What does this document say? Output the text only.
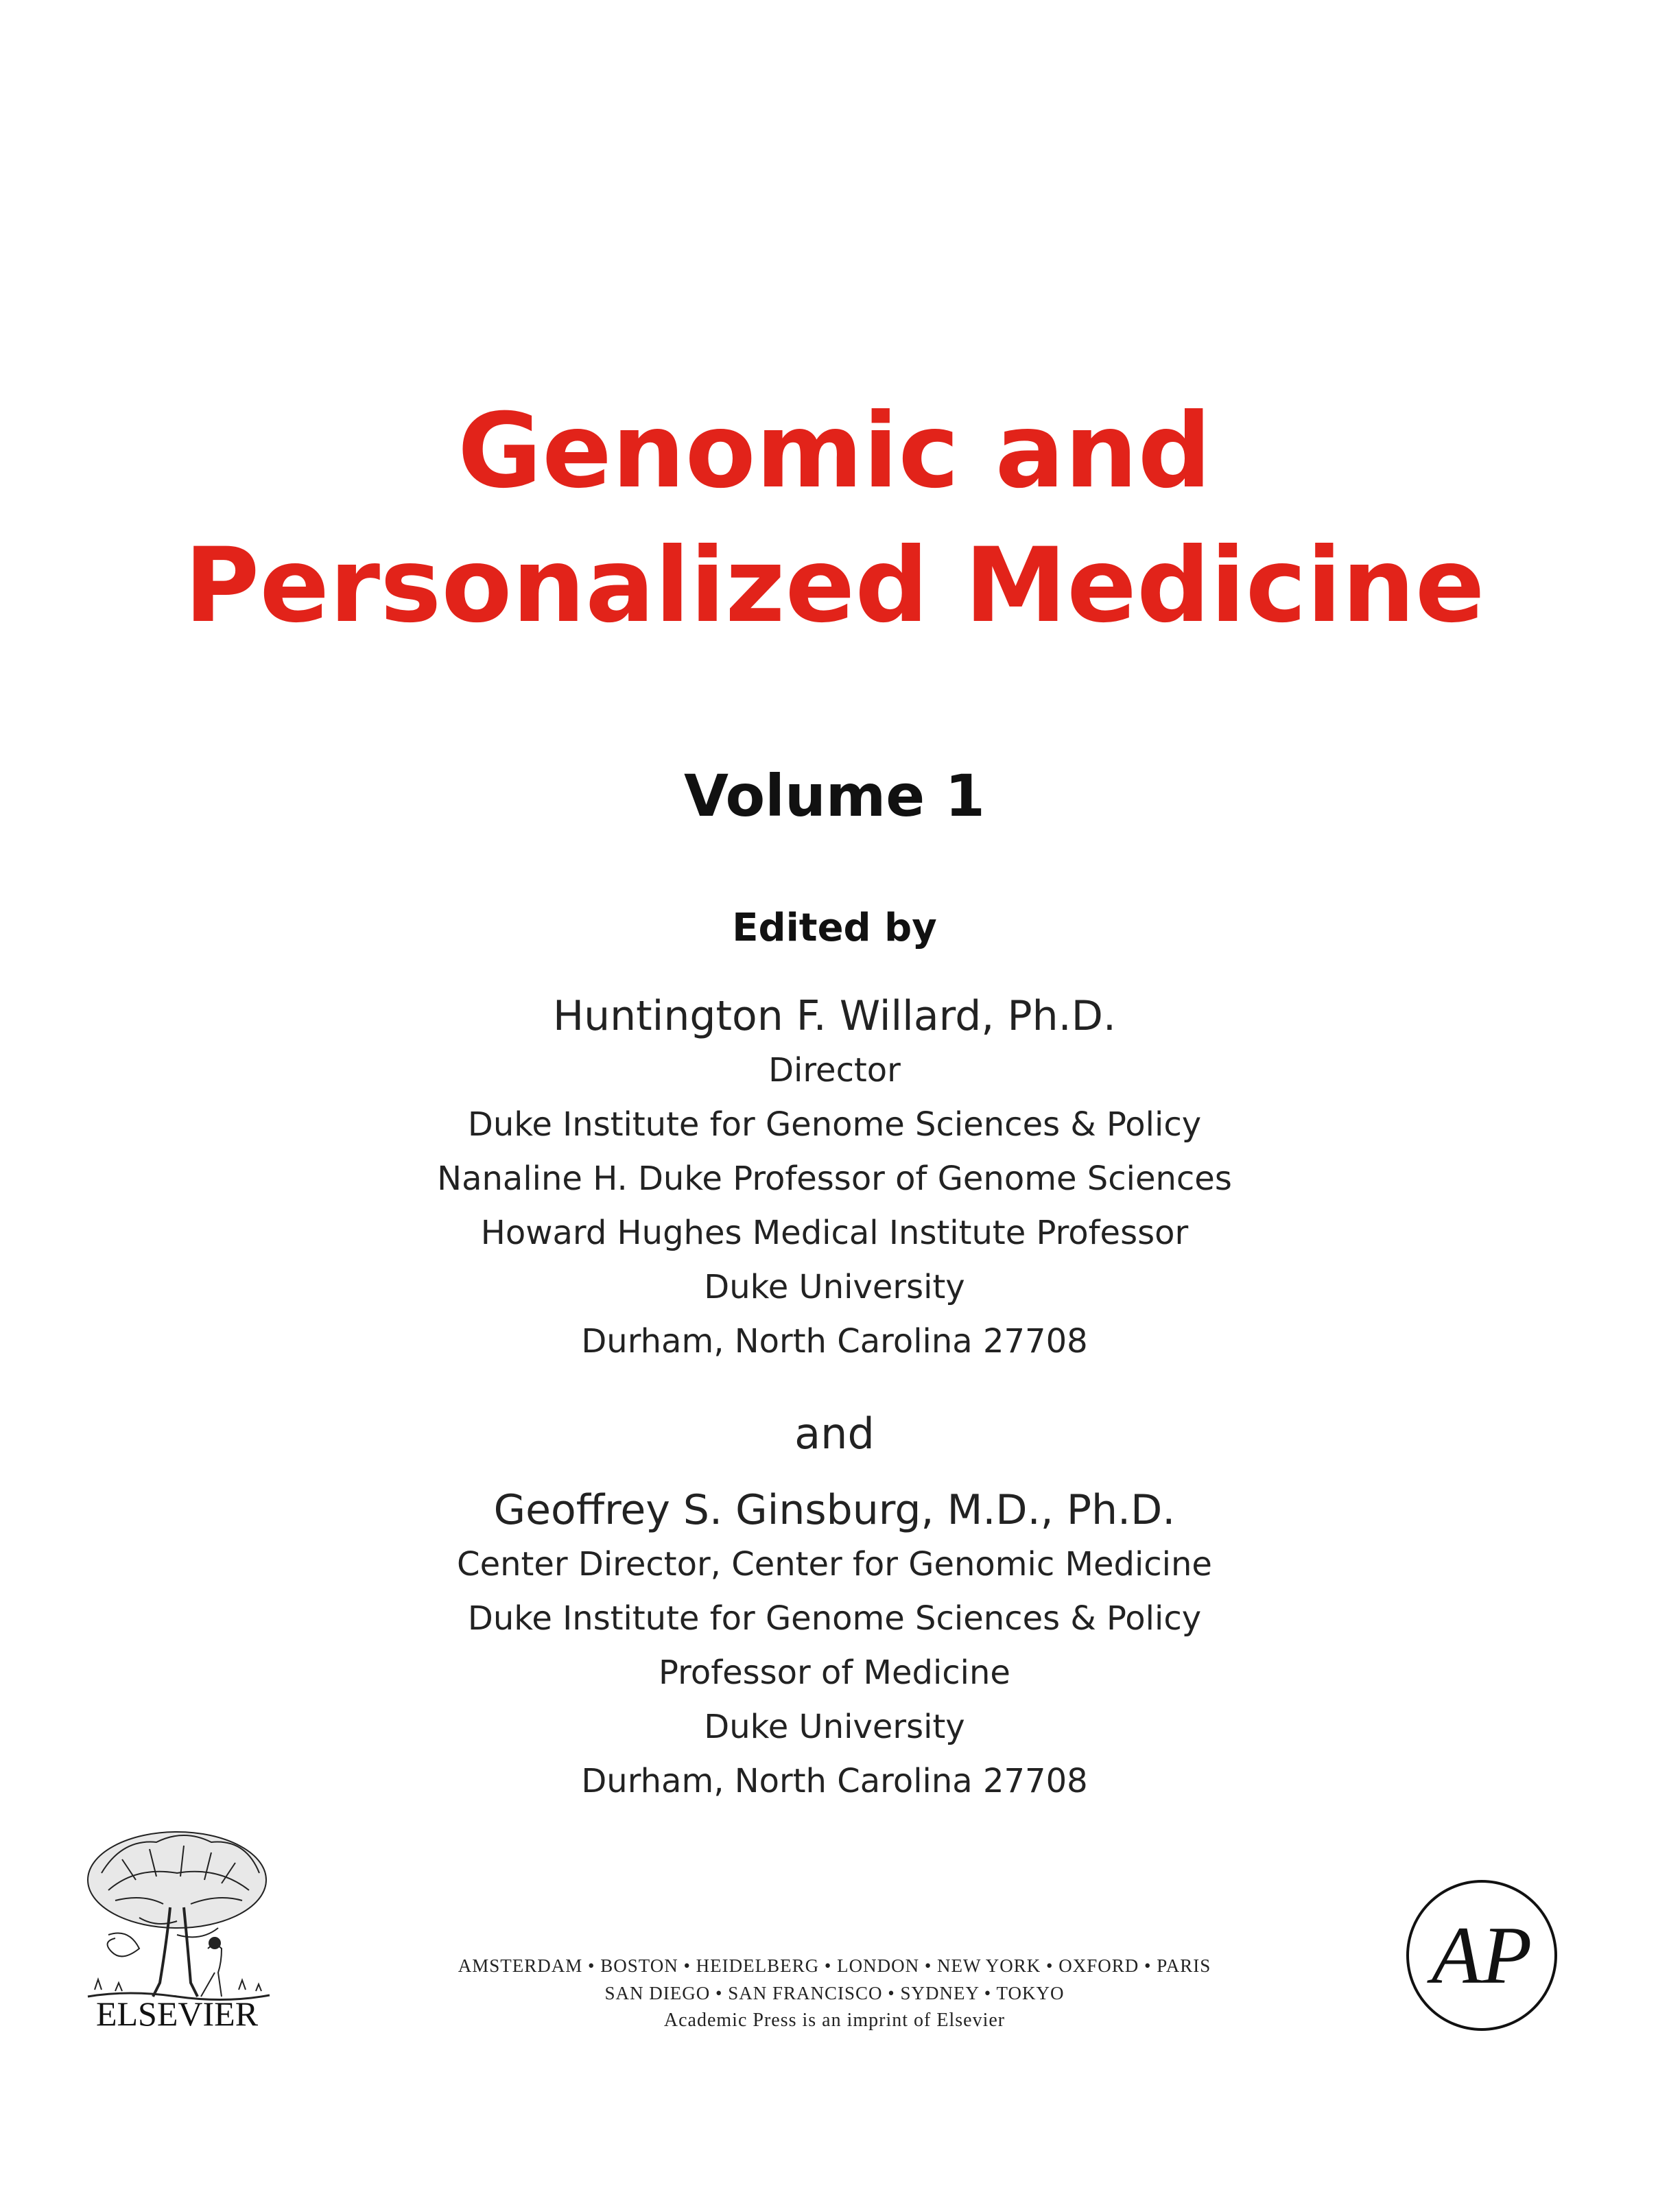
Genomic and
Personalized Medicine
Volume 1
Edited by
Huntington F. Willard, Ph.D.
Director
Duke Institute for Genome Sciences & Policy
Nanaline H. Duke Professor of Genome Sciences
Howard Hughes Medical Institute Professor
Duke University
Durham, North Carolina 27708
and
Geoffrey S. Ginsburg, M.D., Ph.D.
Center Director, Center for Genomic Medicine
Duke Institute for Genome Sciences & Policy
Professor of Medicine
Duke University
Durham, North Carolina 27708
ELSEVIER
AMSTERDAM • BOSTON • HEIDELBERG • LONDON • NEW YORK • OXFORD • PARIS
SAN DIEGO • SAN FRANCISCO • SYDNEY • TOKYO
Academic Press is an imprint of Elsevier
AP
